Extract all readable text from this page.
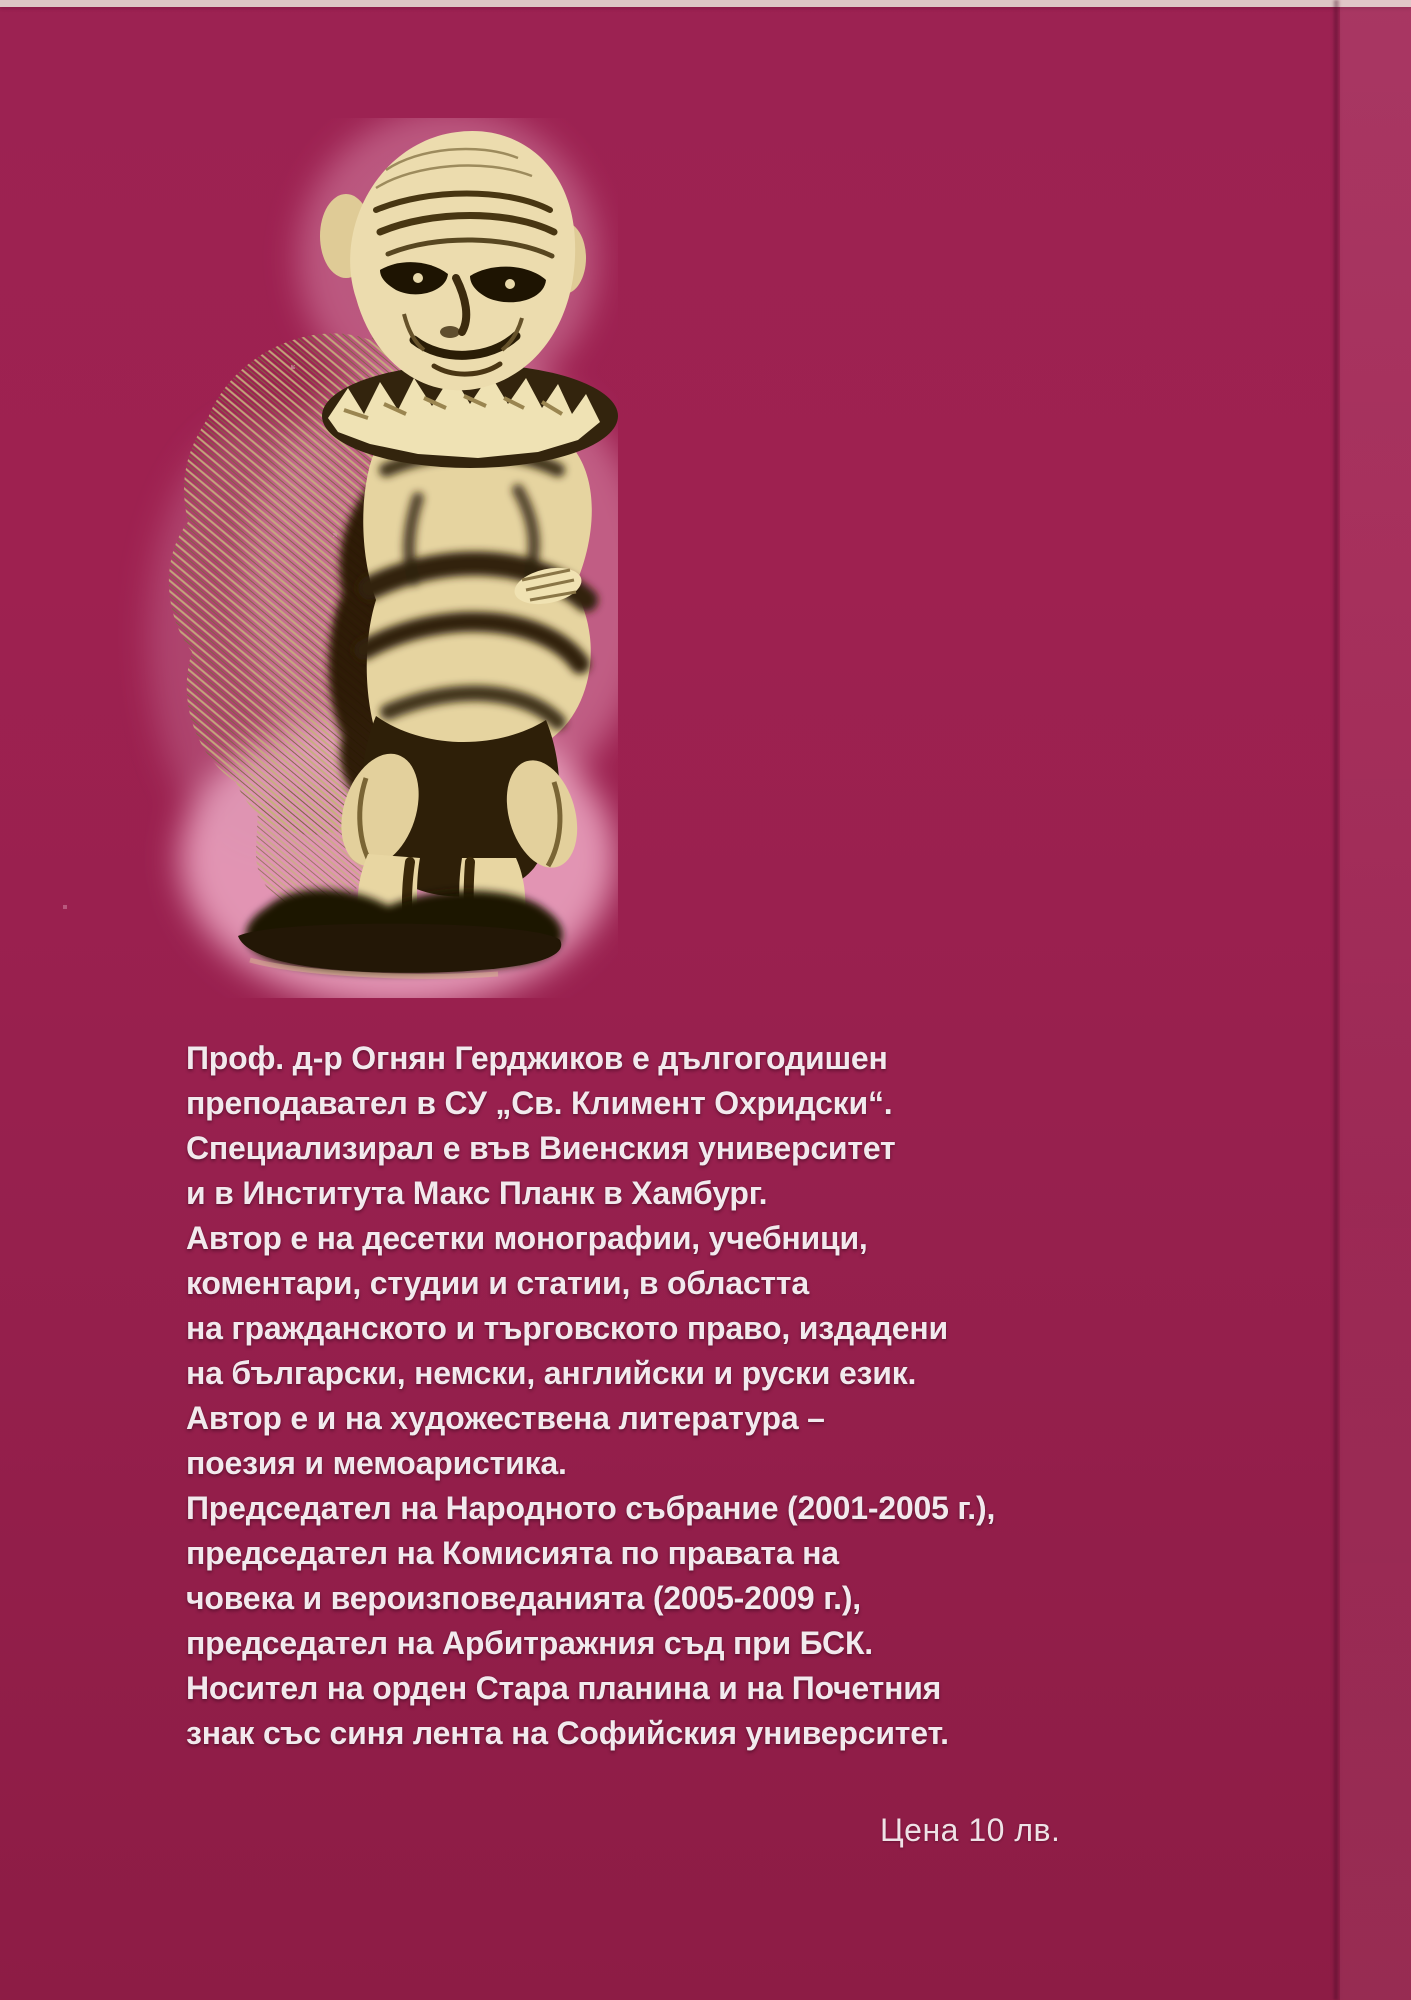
Проф. д-р Огнян Герджиков е дългогодишен
преподавател в СУ „Св. Климент Охридски“.
Специализирал е във Виенския университет
и в Института Макс Планк в Хамбург.
Автор е на десетки монографии, учебници,
коментари, студии и статии, в областта
на гражданското и търговското право, издадени
на български, немски, английски и руски език.
Автор е и на художествена литература –
поезия и мемоаристика.
Председател на Народното събрание (2001-2005 г.),
председател на Комисията по правата на
човека и вероизповеданията (2005-2009 г.),
председател на Арбитражния съд при БСК.
Носител на орден Стара планина и на Почетния
знак със синя лента на Софийския университет.
Цена 10 лв.
